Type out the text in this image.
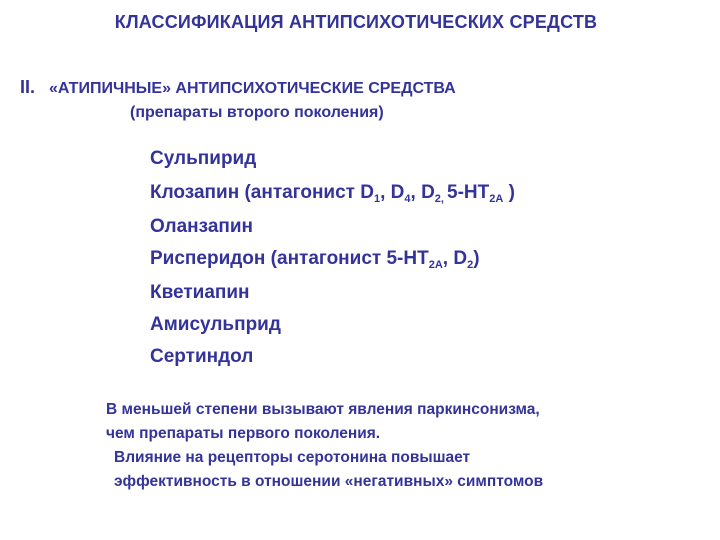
КЛАССИФИКАЦИЯ АНТИПСИХОТИЧЕСКИХ СРЕДСТВ
II. «АТИПИЧНЫЕ» АНТИПСИХОТИЧЕСКИЕ СРЕДСТВА
(препараты второго поколения)
Сульпирид
Клозапин (антагонист $D_1$, $D_4$, $D_{2,}$ $5-НТ_{2А}$ )
Оланзапин
Рисперидон (антагонист $5-НТ_{2А}$, $D_2$)
Кветиапин
Амисульприд
Сертиндол
В меньшей степени вызывают явления паркинсонизма,
чем препараты первого поколения.
Влияние на рецепторы серотонина повышает
эффективность в отношении «негативных» симптомов
